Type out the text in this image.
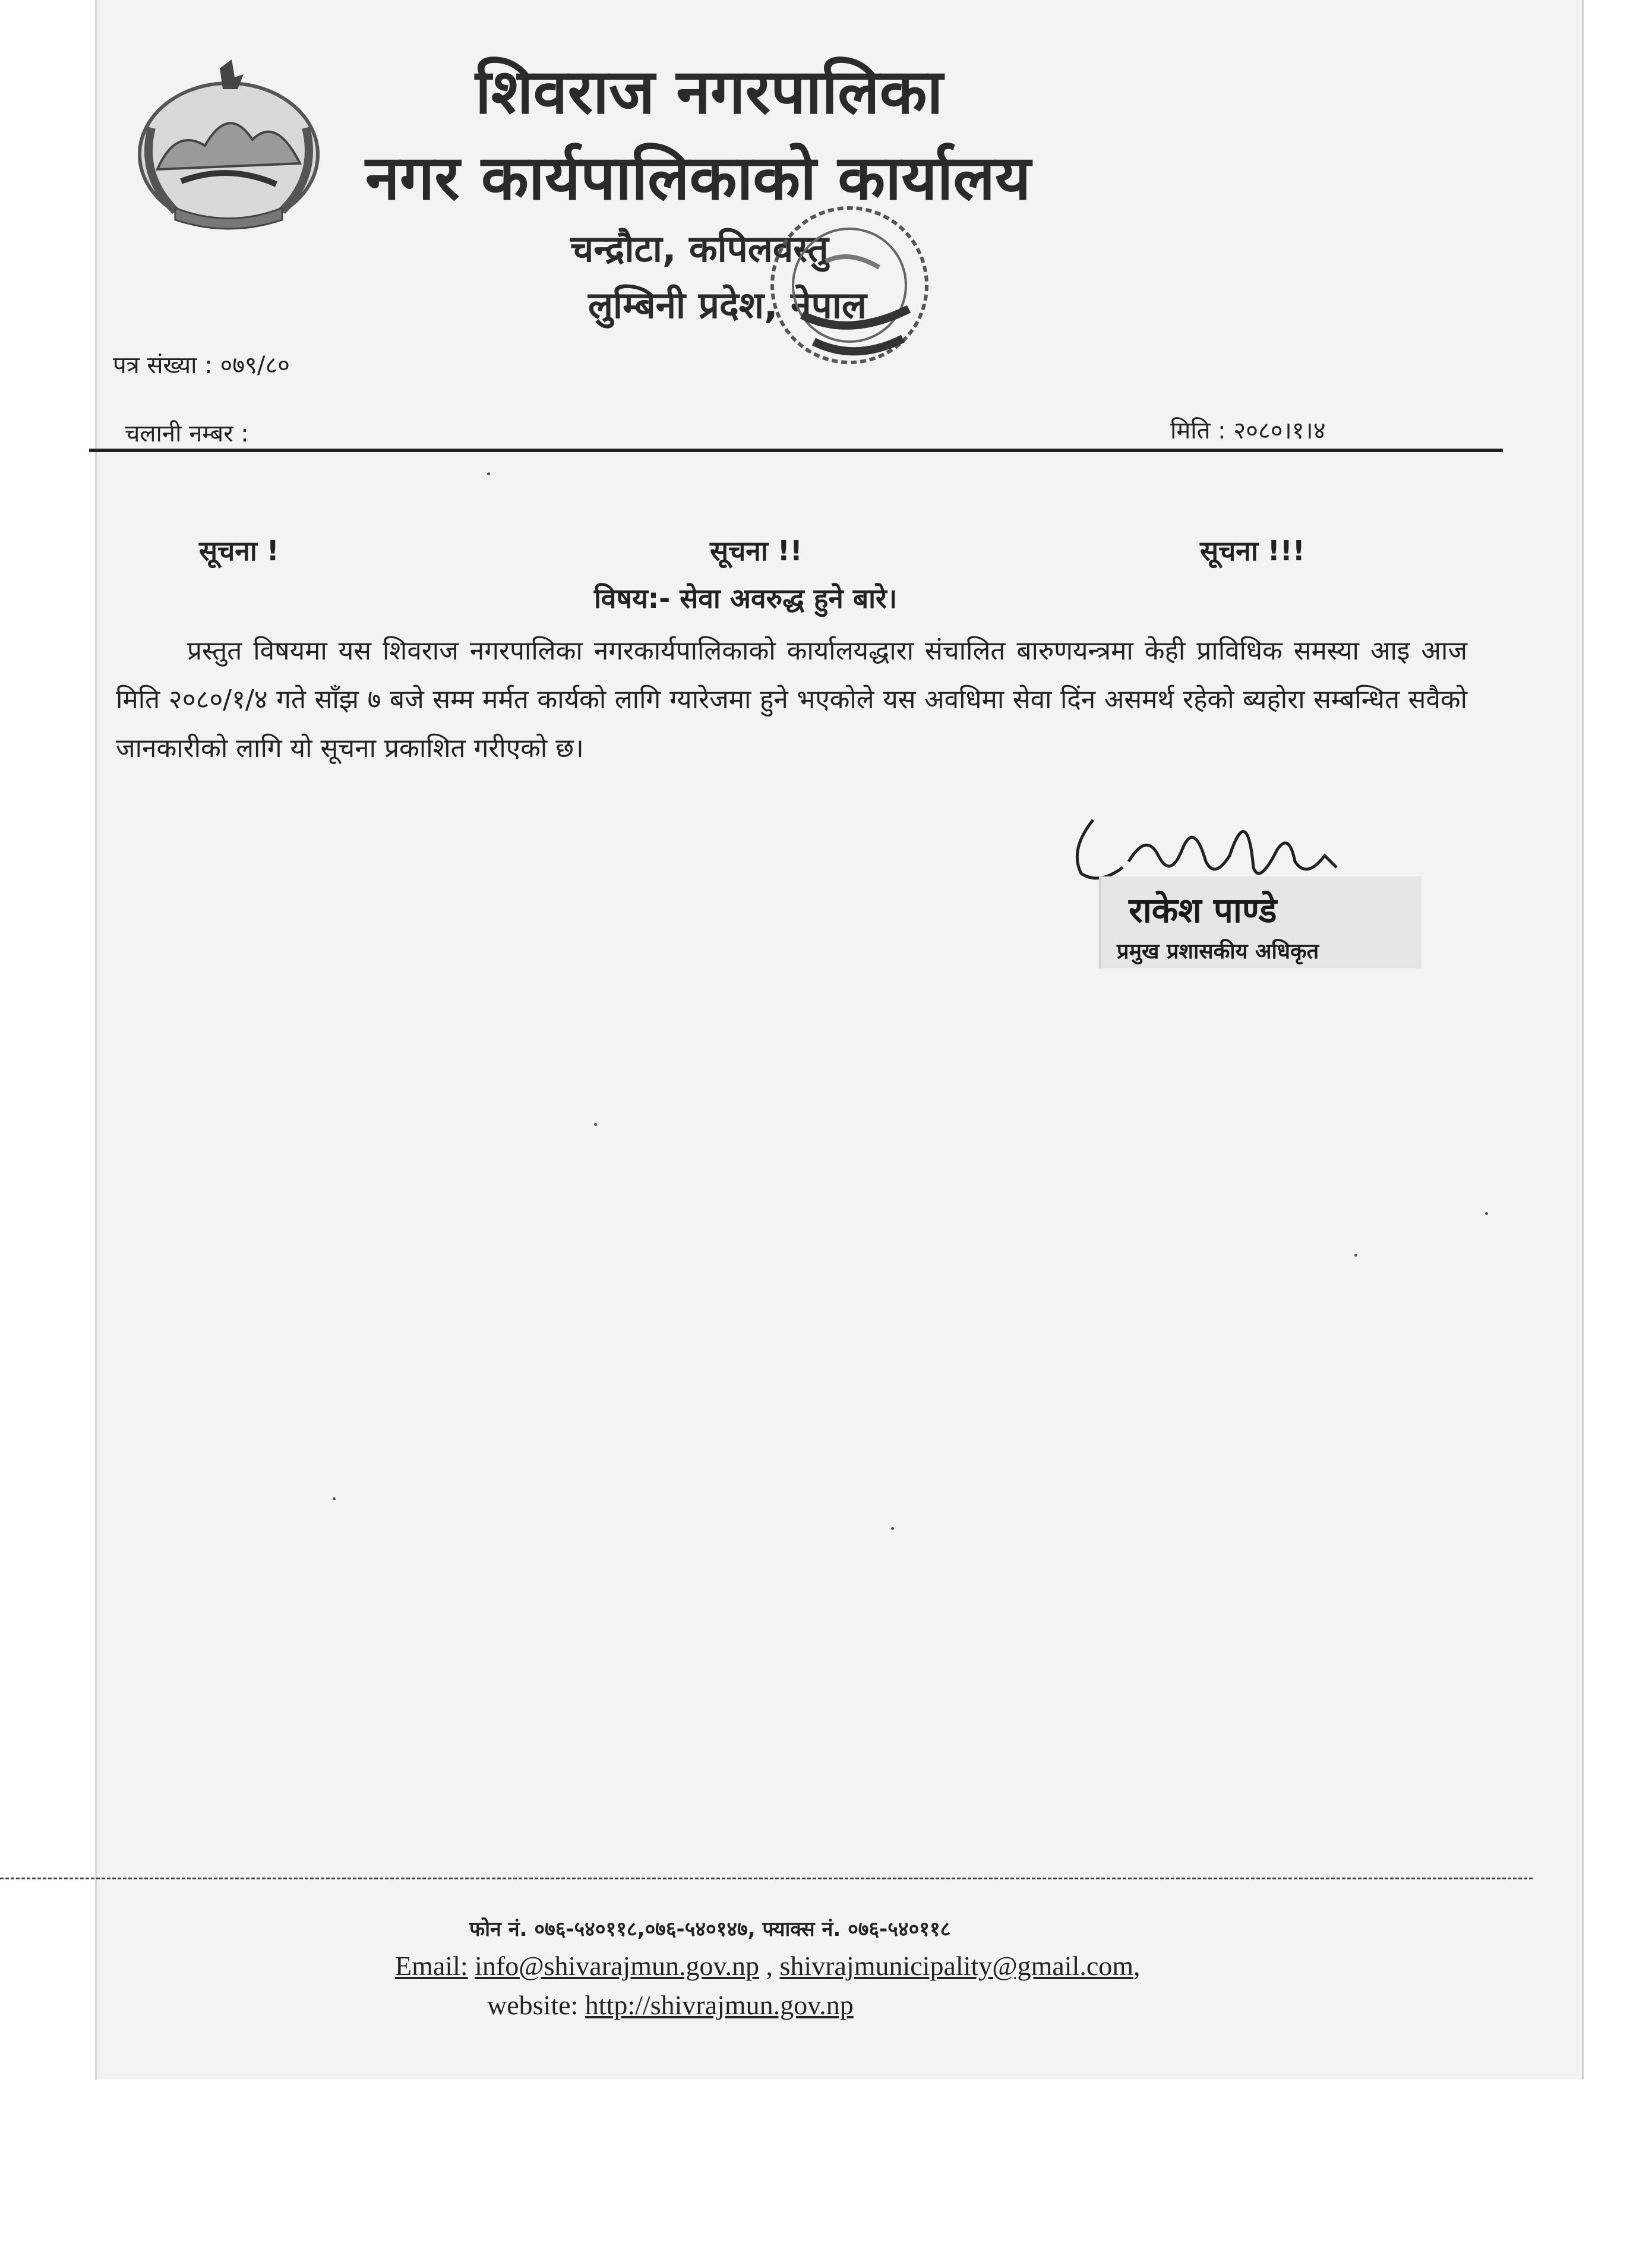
शिवराज नगरपालिका
नगर कार्यपालिकाको कार्यालय
चन्द्रौटा, कपिलवस्तु
लुम्बिनी प्रदेश, नेपाल
पत्र संख्या : ०७९/८०
चलानी नम्बर :	मिति : २०८०।१।४
सूचना !	सूचना !!	सूचना !!!
विषय:- सेवा अवरुद्ध हुने बारे।
प्रस्तुत विषयमा यस शिवराज नगरपालिका नगरकार्यपालिकाको कार्यालयद्धारा संचालित बारुणयन्त्रमा केही प्राविधिक समस्या आइ आज मिति २०८०/१/४ गते साँझ ७ बजे सम्म मर्मत कार्यको लागि ग्यारेजमा हुने भएकोले यस अवधिमा सेवा दिंन असमर्थ रहेको ब्यहोरा सम्बन्धित सवैको जानकारीको लागि यो सूचना प्रकाशित गरीएको छ।
राकेश पाण्डे
प्रमुख प्रशासकीय अधिकृत
फोन नं. ०७६-५४०११८,०७६-५४०१४७, फ्याक्स नं. ०७६-५४०११८
Email: info@shivarajmun.gov.np , shivrajmunicipality@gmail.com,
website: http://shivrajmun.gov.np
